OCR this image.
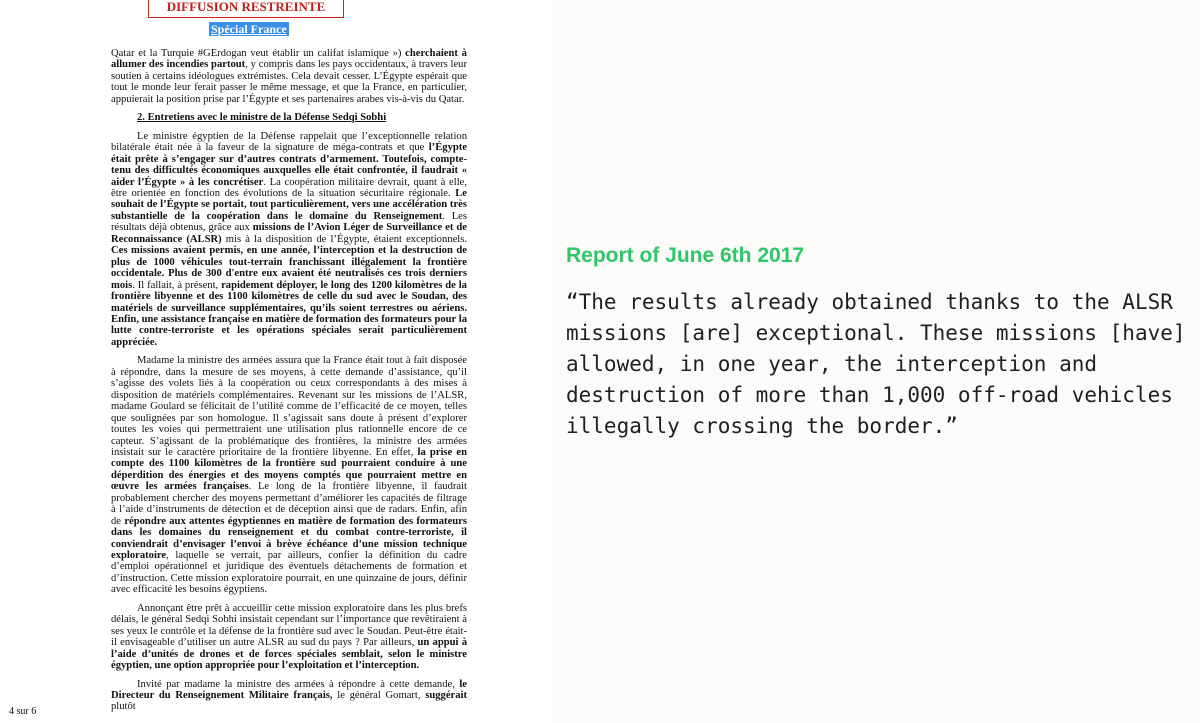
DIFFUSION RESTREINTE
Spécial France

Qatar et la Turquie #GErdogan veut établir un califat islamique ») cherchaient à allumer des incendies partout, y compris dans les pays occidentaux, à travers leur soutien à certains idéologues extrémistes. Cela devait cesser. L’Égypte espérait que tout le monde leur ferait passer le même message, et que la France, en particulier, appuierait la position prise par l’Égypte et ses partenaires arabes vis-à-vis du Qatar.

2. Entretiens avec le ministre de la Défense Sedqi Sobhi

Le ministre égyptien de la Défense rappelait que l’exceptionnelle relation bilatérale était née à la faveur de la signature de méga-contrats et que l’Égypte était prête à s’engager sur d’autres contrats d’armement. Toutefois, compte-tenu des difficultés économiques auxquelles elle était confrontée, il faudrait « aider l’Égypte » à les concrétiser. La coopération militaire devrait, quant à elle, être orientée en fonction des évolutions de la situation sécuritaire régionale. Le souhait de l’Égypte se portait, tout particulièrement, vers une accélération très substantielle de la coopération dans le domaine du Renseignement. Les résultats déjà obtenus, grâce aux missions de l’Avion Léger de Surveillance et de Reconnaissance (ALSR) mis à la disposition de l’Égypte, étaient exceptionnels. Ces missions avaient permis, en une année, l’interception et la destruction de plus de 1000 véhicules tout-terrain franchissant illégalement la frontière occidentale. Plus de 300 d'entre eux avaient été neutralisés ces trois derniers mois. Il fallait, à présent, rapidement déployer, le long des 1200 kilomètres de la frontière libyenne et des 1100 kilomètres de celle du sud avec le Soudan, des matériels de surveillance supplémentaires, qu’ils soient terrestres ou aériens. Enfin, une assistance française en matière de formation des formateurs pour la lutte contre-terroriste et les opérations spéciales serait particulièrement appréciée.

Madame la ministre des armées assura que la France était tout à fait disposée à répondre, dans la mesure de ses moyens, à cette demande d’assistance, qu’il s’agisse des volets liés à la coopération ou ceux correspondants à des mises à disposition de matériels complémentaires. Revenant sur les missions de l’ALSR, madame Goulard se félicitait de l’utilité comme de l’efficacité de ce moyen, telles que soulignées par son homologue. Il s’agissait sans doute à présent d’explorer toutes les voies qui permettraient une utilisation plus rationnelle encore de ce capteur. S’agissant de la problématique des frontières, la ministre des armées insistait sur le caractère prioritaire de la frontière libyenne. En effet, la prise en compte des 1100 kilomètres de la frontière sud pourraient conduire à une déperdition des énergies et des moyens comptés que pourraient mettre en œuvre les armées françaises. Le long de la frontière libyenne, il faudrait probablement chercher des moyens permettant d’améliorer les capacités de filtrage à l’aide d’instruments de détection et de déception ainsi que de radars. Enfin, afin de répondre aux attentes égyptiennes en matière de formation des formateurs dans les domaines du renseignement et du combat contre-terroriste, il conviendrait d’envisager l’envoi à brève échéance d’une mission technique exploratoire, laquelle se verrait, par ailleurs, confier la définition du cadre d’emploi opérationnel et juridique des éventuels détachements de formation et d’instruction. Cette mission exploratoire pourrait, en une quinzaine de jours, définir avec efficacité les besoins égyptiens.

Annonçant être prêt à accueillir cette mission exploratoire dans les plus brefs délais, le général Sedqi Sobhi insistait cependant sur l’importance que revêtiraient à ses yeux le contrôle et la défense de la frontière sud avec le Soudan. Peut-être était-il envisageable d’utiliser un autre ALSR au sud du pays ? Par ailleurs, un appui à l’aide d’unités de drones et de forces spéciales semblait, selon le ministre égyptien, une option appropriée pour l’exploitation et l’interception.

Invité par madame la ministre des armées à répondre à cette demande, le Directeur du Renseignement Militaire français, le général Gomart, suggérait plutôt

4 sur 6
Report of June 6th 2017
“The results already obtained thanks to the ALSR missions [are] exceptional. These missions [have] allowed, in one year, the interception and destruction of more than 1,000 off-road vehicles illegally crossing the border.”
